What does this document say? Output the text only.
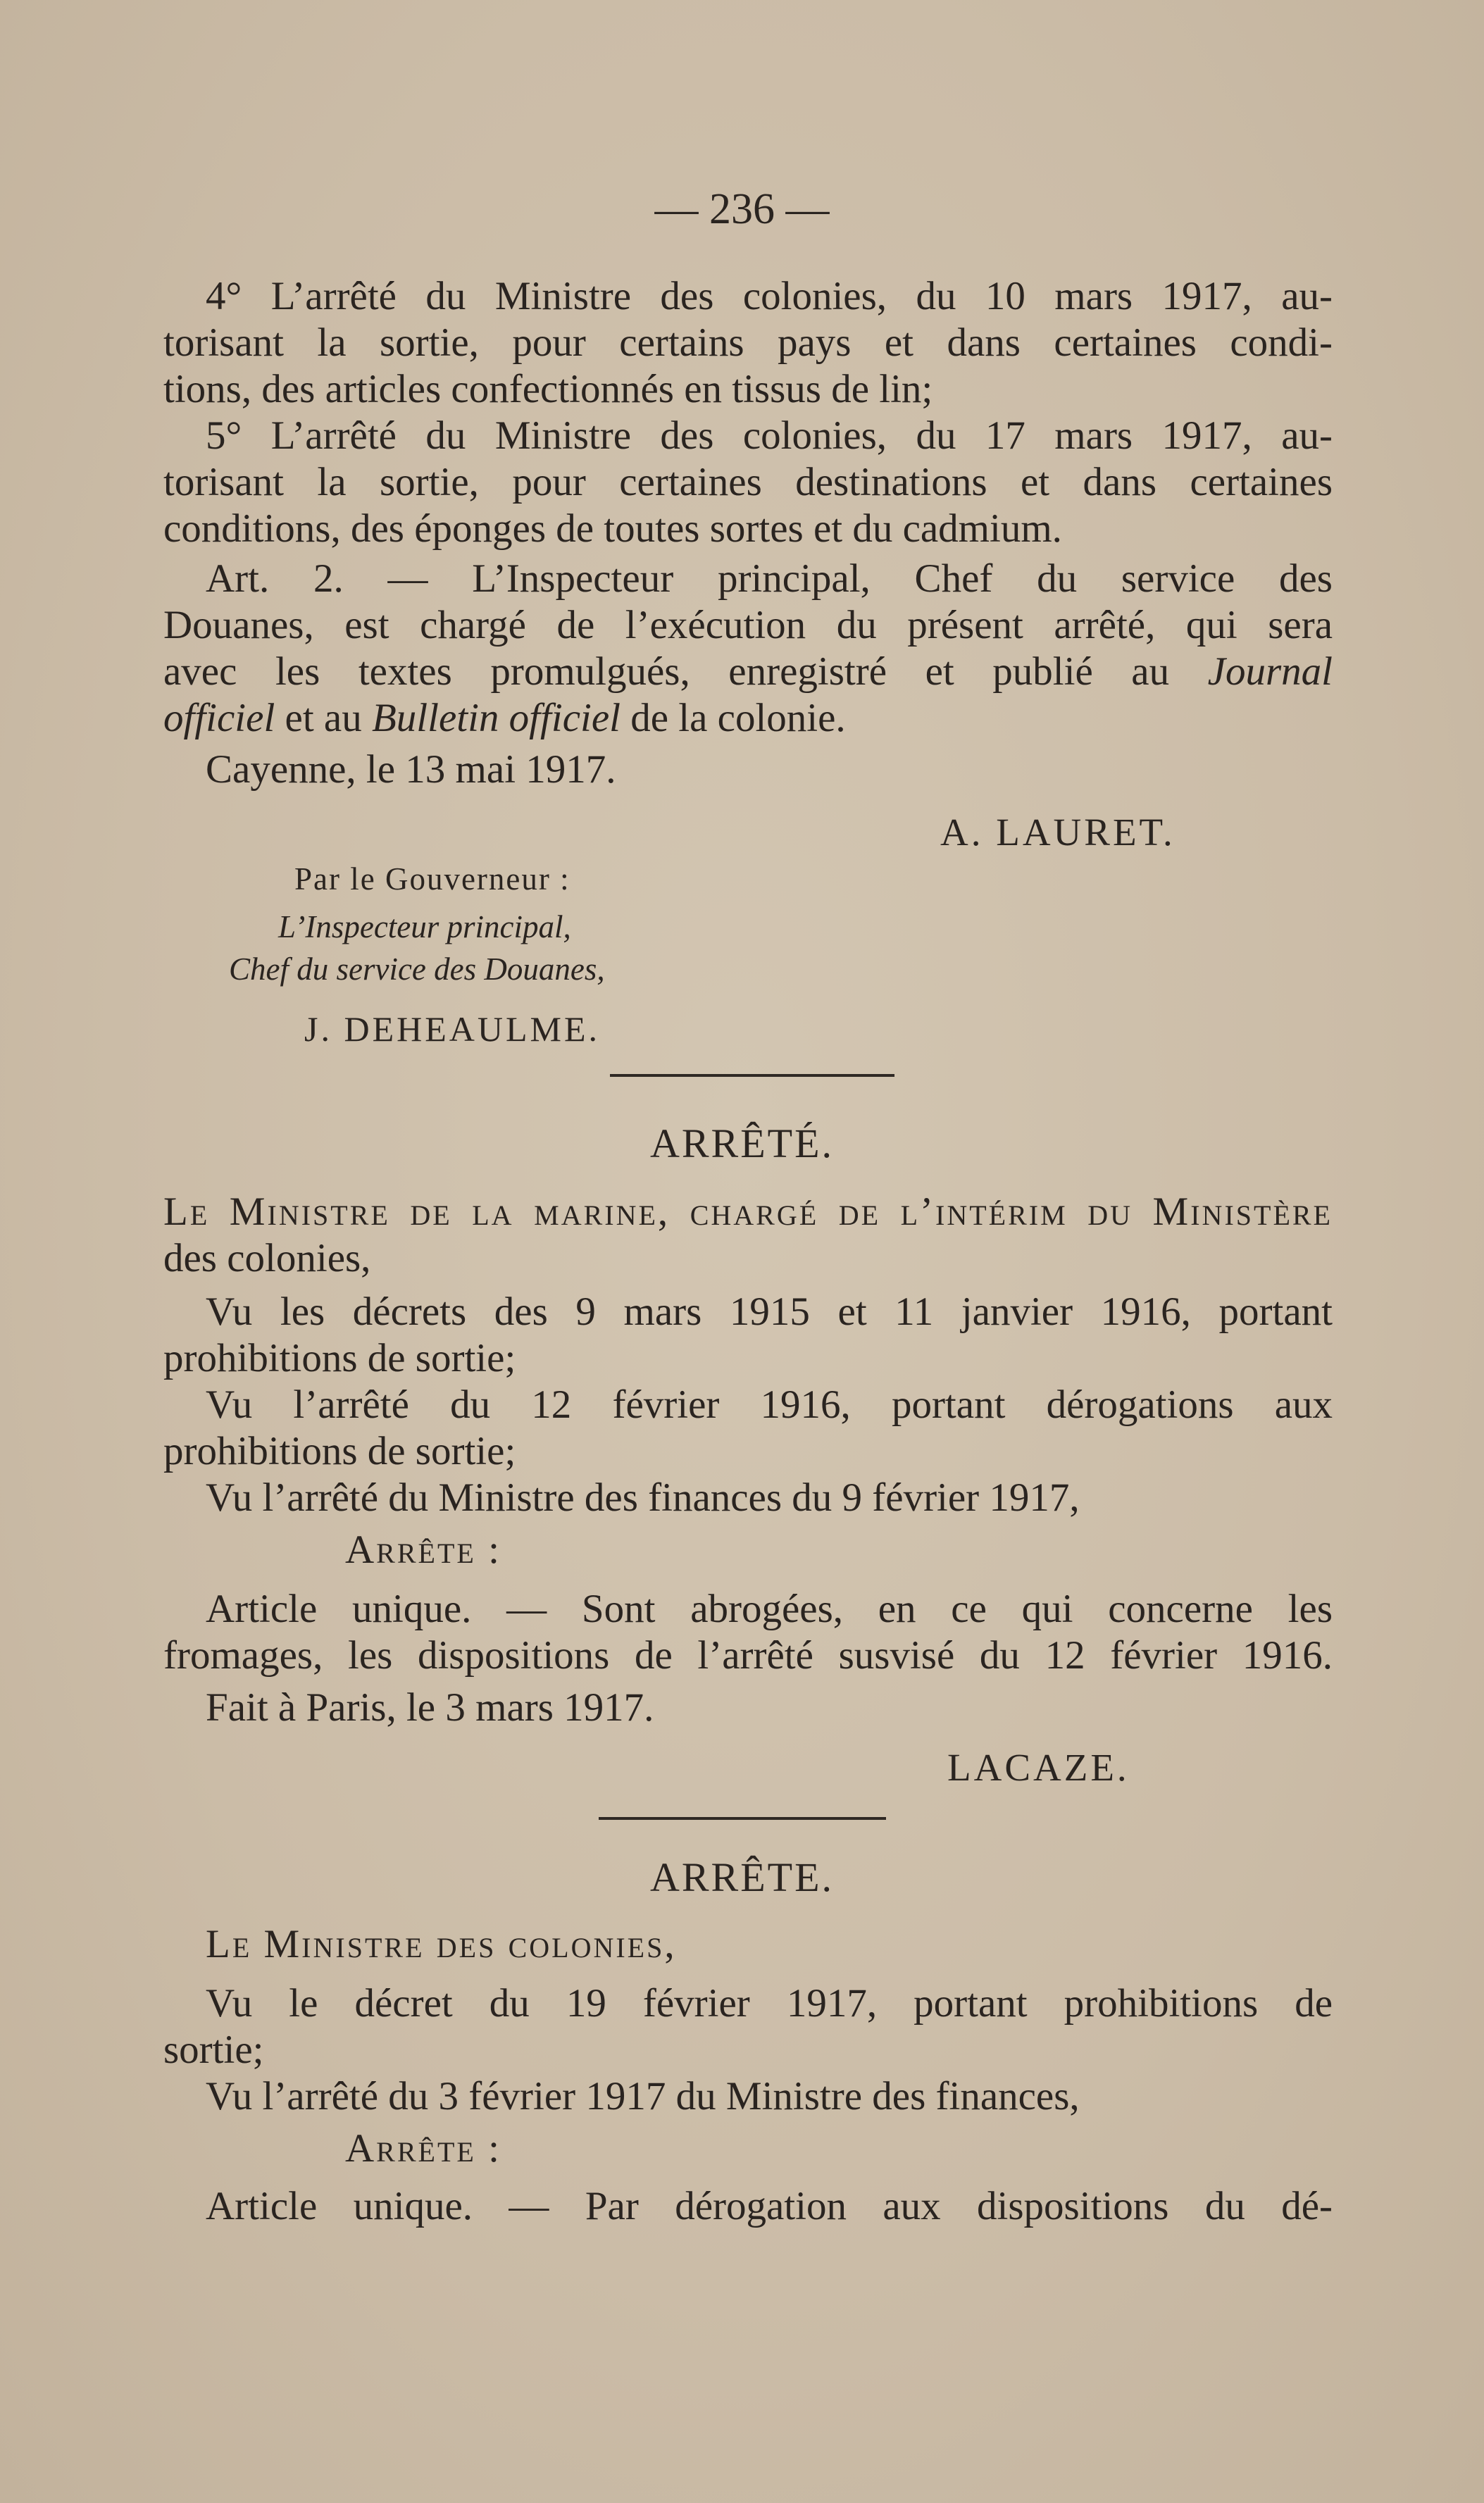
— 236 —
4° L’arrêté du Ministre des colonies, du 10 mars 1917, au-
torisant la sortie, pour certains pays et dans certaines condi-
tions, des articles confectionnés en tissus de lin;
5° L’arrêté du Ministre des colonies, du 17 mars 1917, au-
torisant la sortie, pour certaines destinations et dans certaines
conditions, des éponges de toutes sortes et du cadmium.
Art. 2. — L’Inspecteur principal, Chef du service des
Douanes, est chargé de l’exécution du présent arrêté, qui sera
avec les textes promulgués, enregistré et publié au Journal
officiel et au Bulletin officiel de la colonie.
Cayenne, le 13 mai 1917.
A. LAURET.
Par le Gouverneur :
L’Inspecteur principal,
Chef du service des Douanes,
J. DEHEAULME.
ARRÊTÉ.
Le Ministre de la marine, chargé de l’intérim du Ministère
des colonies,
Vu les décrets des 9 mars 1915 et 11 janvier 1916, portant
prohibitions de sortie;
Vu l’arrêté du 12 février 1916, portant dérogations aux
prohibitions de sortie;
Vu l’arrêté du Ministre des finances du 9 février 1917,
Arrête :
Article unique. — Sont abrogées, en ce qui concerne les
fromages, les dispositions de l’arrêté susvisé du 12 février 1916.
Fait à Paris, le 3 mars 1917.
LACAZE.
ARRÊTE.
Le Ministre des colonies,
Vu le décret du 19 février 1917, portant prohibitions de
sortie;
Vu l’arrêté du 3 février 1917 du Ministre des finances,
Arrête :
Article unique. — Par dérogation aux dispositions du dé-
